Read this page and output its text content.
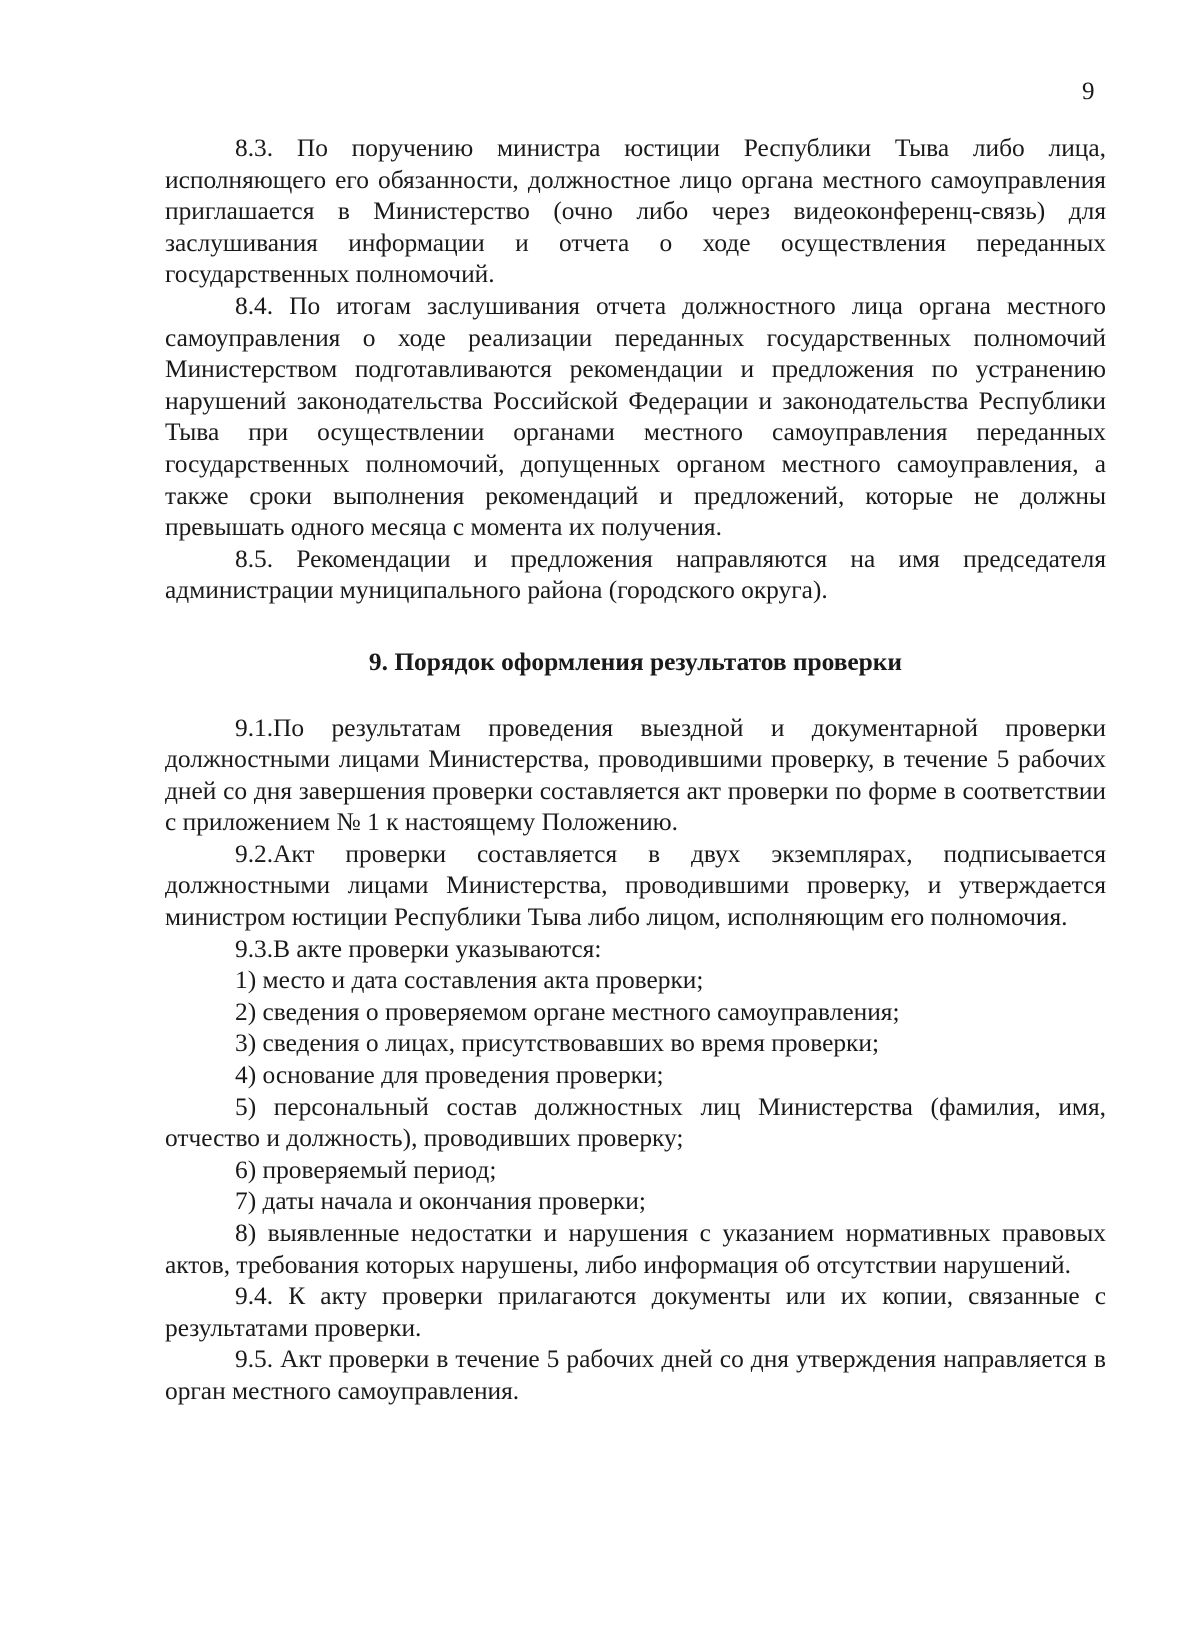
9

8.3. По поручению министра юстиции Республики Тыва либо лица, исполняющего его обязанности, должностное лицо органа местного самоуправления приглашается в Министерство (очно либо через видеоконференц-связь) для заслушивания информации и отчета о ходе осуществления переданных государственных полномочий.

8.4. По итогам заслушивания отчета должностного лица органа местного самоуправления о ходе реализации переданных государственных полномочий Министерством подготавливаются рекомендации и предложения по устранению нарушений законодательства Российской Федерации и законодательства Республики Тыва при осуществлении органами местного самоуправления переданных государственных полномочий, допущенных органом местного самоуправления, а также сроки выполнения рекомендаций и предложений, которые не должны превышать одного месяца с момента их получения.

8.5. Рекомендации и предложения направляются на имя председателя администрации муниципального района (городского округа).

9. Порядок оформления результатов проверки

9.1.По результатам проведения выездной и документарной проверки должностными лицами Министерства, проводившими проверку, в течение 5 рабочих дней со дня завершения проверки составляется акт проверки по форме в соответствии с приложением № 1 к настоящему Положению.

9.2.Акт проверки составляется в двух экземплярах, подписывается должностными лицами Министерства, проводившими проверку, и утверждается министром юстиции Республики Тыва либо лицом, исполняющим его полномочия.

9.3.В акте проверки указываются:

1) место и дата составления акта проверки;

2) сведения о проверяемом органе местного самоуправления;

3) сведения о лицах, присутствовавших во время проверки;

4) основание для проведения проверки;

5) персональный состав должностных лиц Министерства (фамилия, имя, отчество и должность), проводивших проверку;

6) проверяемый период;

7) даты начала и окончания проверки;

8) выявленные недостатки и нарушения с указанием нормативных правовых актов, требования которых нарушены, либо информация об отсутствии нарушений.

9.4. К акту проверки прилагаются документы или их копии, связанные с результатами проверки.

9.5. Акт проверки в течение 5 рабочих дней со дня утверждения направляется в орган местного самоуправления.
